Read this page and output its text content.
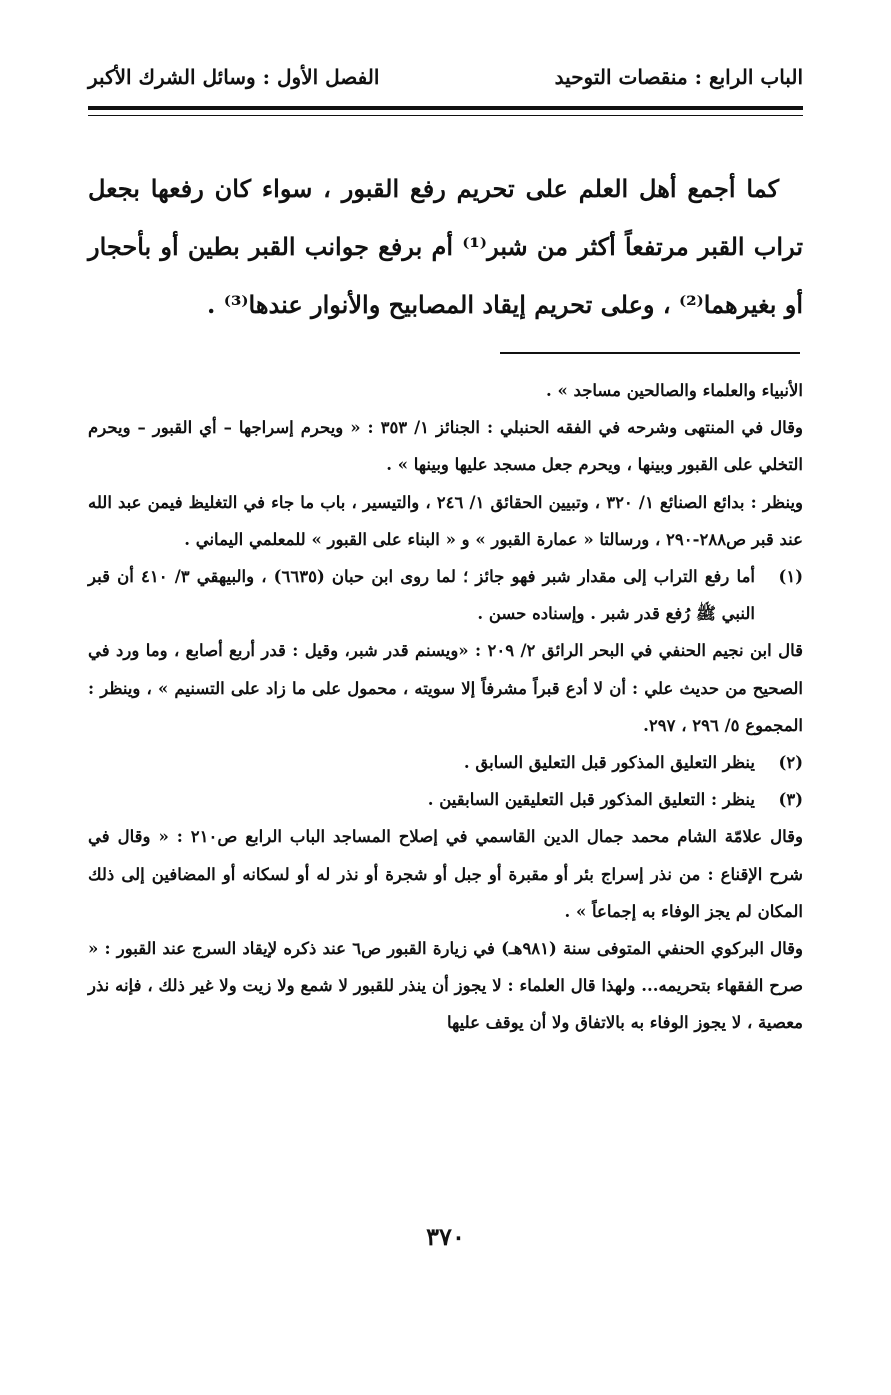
الباب الرابع : منقصات التوحيد
الفصل الأول : وسائل الشرك الأكبر

كما أجمع أهل العلم على تحريم رفع القبور ، سواء كان رفعها بجعل تراب القبر مرتفعاً أكثر من شبر⁽¹⁾ أم برفع جوانب القبر بطين أو بأحجار أو بغيرهما⁽²⁾ ، وعلى تحريم إيقاد المصابيح والأنوار عندها⁽³⁾ .

الأنبياء والعلماء والصالحين مساجد » .

وقال في المنتهى وشرحه في الفقه الحنبلي : الجنائز ١/ ٣٥٣ : « ويحرم إسراجها – أي القبور – ويحرم التخلي على القبور وبينها ، ويحرم جعل مسجد عليها وبينها » .

وينظر : بدائع الصنائع ١/ ٣٢٠ ، وتبيين الحقائق ١/ ٢٤٦ ، والتيسير ، باب ما جاء في التغليظ فيمن عبد الله عند قبر ص٢٨٨-٢٩٠ ، ورسالتا « عمارة القبور » و « البناء على القبور » للمعلمي اليماني .

(١)
أما رفع التراب إلى مقدار شبر فهو جائز ؛ لما روى ابن حبان (٦٦٣٥) ، والبيهقي ٣/ ٤١٠ أن قبر النبي ﷺ رُفع قدر شبر . وإسناده حسن .

قال ابن نجيم الحنفي في البحر الرائق ٢/ ٢٠٩ : «ويسنم قدر شبر، وقيل : قدر أربع أصابع ، وما ورد في الصحيح من حديث علي : أن لا أدع قبراً مشرفاً إلا سويته ، محمول على ما زاد على التسنيم » ، وينظر : المجموع ٥/ ٢٩٦ ، ٢٩٧.

(٢)
ينظر التعليق المذكور قبل التعليق السابق .
(٣)
ينظر : التعليق المذكور قبل التعليقين السابقين .

وقال علامّة الشام محمد جمال الدين القاسمي في إصلاح المساجد الباب الرابع ص٢١٠ : « وقال في شرح الإقناع : من نذر إسراج بئر أو مقبرة أو جبل أو شجرة أو نذر له أو لسكانه أو المضافين إلى ذلك المكان لم يجز الوفاء به إجماعاً » .

وقال البركوي الحنفي المتوفى سنة (٩٨١هـ) في زيارة القبور ص٦ عند ذكره لإيقاد السرج عند القبور : « صرح الفقهاء بتحريمه... ولهذا قال العلماء : لا يجوز أن ينذر للقبور لا شمع ولا زيت ولا غير ذلك ، فإنه نذر معصية ، لا يجوز الوفاء به بالاتفاق ولا أن يوقف عليها

٣٧٠
